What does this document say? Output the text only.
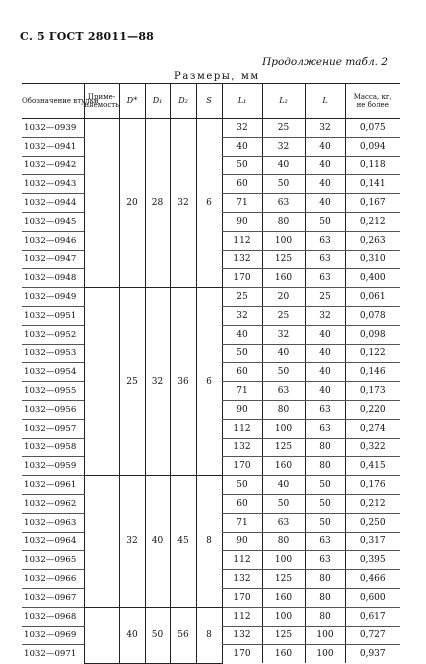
С. 5 ГОСТ 28011—88
Продолжение табл. 2
Размеры, мм
Обозначение втулки	Приме-
няемость	D*	D₁	D₂	S	L₁	L₂	L	Масса, кг,
не более
1032—0939		20	28	32	6	32	25	32	0,075
1032—0941						40	32	40	0,094
1032—0942						50	40	40	0,118
1032—0943						60	50	40	0,141
1032—0944						71	63	40	0,167
1032—0945						90	80	50	0,212
1032—0946						112	100	63	0,263
1032—0947						132	125	63	0,310
1032—0948						170	160	63	0,400
1032—0949		25	32	36	6	25	20	25	0,061
1032—0951						32	25	32	0,078
1032—0952						40	32	40	0,098
1032—0953						50	40	40	0,122
1032—0954						60	50	40	0,146
1032—0955						71	63	40	0,173
1032—0956						90	80	63	0,220
1032—0957						112	100	63	0,274
1032—0958						132	125	80	0,322
1032—0959						170	160	80	0,415
1032—0961		32	40	45	8	50	40	50	0,176
1032—0962						60	50	50	0,212
1032—0963						71	63	50	0,250
1032—0964						90	80	63	0,317
1032—0965						112	100	63	0,395
1032—0966						132	125	80	0,466
1032—0967						170	160	80	0,600
1032—0968		40	50	56	8	112	100	80	0,617
1032—0969						132	125	100	0,727
1032—0971						170	160	100	0,937
